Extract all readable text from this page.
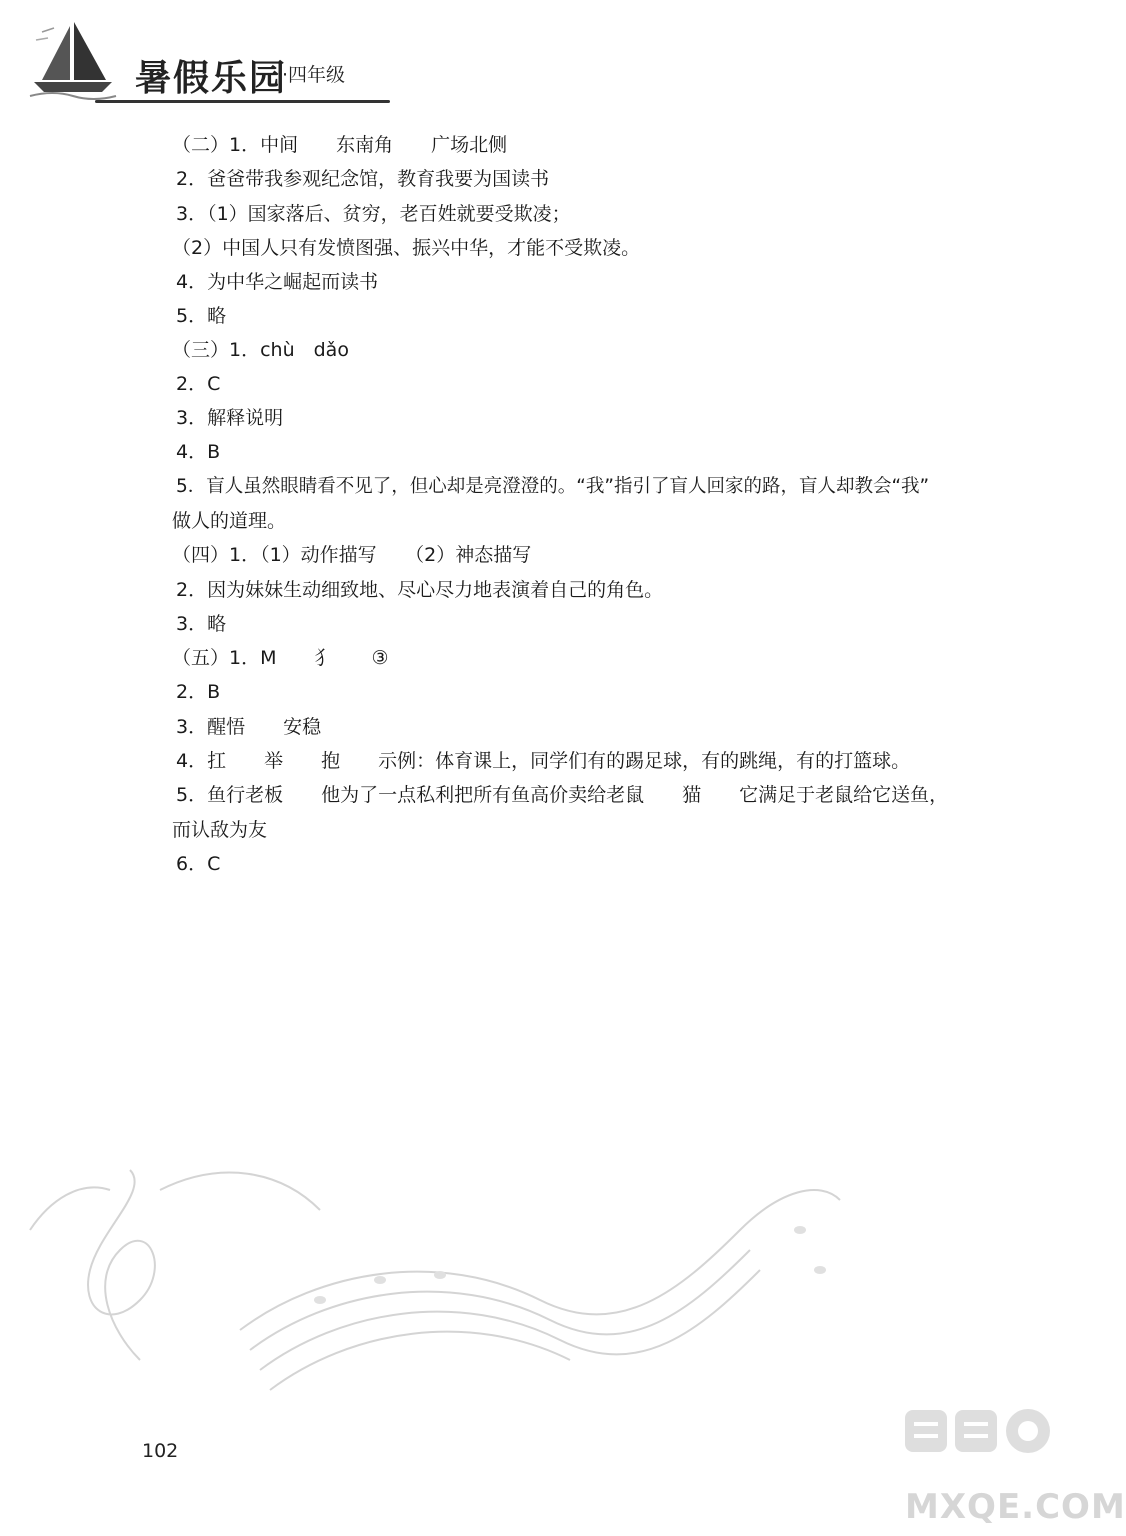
暑假乐园
·四年级
（二）1．中间　　东南角　　广场北侧
2．爸爸带我参观纪念馆，教育我要为国读书
3．（1）国家落后、贫穷，老百姓就要受欺凌；
（2）中国人只有发愤图强、振兴中华，才能不受欺凌。
4．为中华之崛起而读书
5．略
（三）1．chù　dǎo
2．C
3．解释说明
4．B
5．盲人虽然眼睛看不见了，但心却是亮澄澄的。“我”指引了盲人回家的路，盲人却教会“我”
做人的道理。
（四）1．（1）动作描写　　（2）神态描写
2．因为妹妹生动细致地、尽心尽力地表演着自己的角色。
3．略
（五）1．M　　犭　　③
2．B
3．醒悟　　安稳
4．扛　　举　　抱　　示例：体育课上，同学们有的踢足球，有的跳绳，有的打篮球。
5．鱼行老板　　他为了一点私利把所有鱼高价卖给老鼠　　猫　　它满足于老鼠给它送鱼，
而认敌为友
6．C
102
MXQE.COM
